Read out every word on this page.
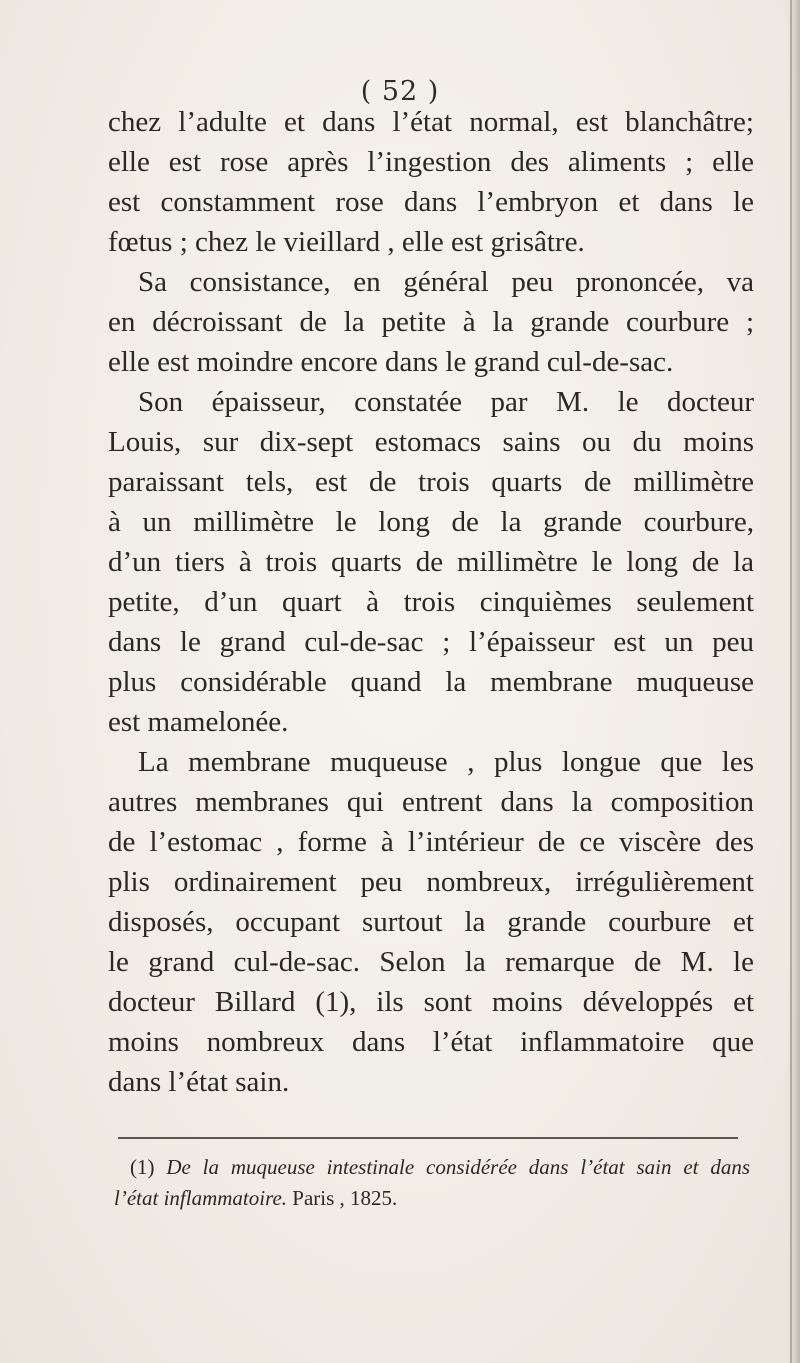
( 52 )
chez l’adulte et dans l’état normal, est blanchâtre;
elle est rose après l’ingestion des aliments ; elle
est constamment rose dans l’embryon et dans le
fœtus ; chez le vieillard , elle est grisâtre.
Sa consistance, en général peu prononcée, va
en décroissant de la petite à la grande courbure ;
elle est moindre encore dans le grand cul-de-sac.
Son épaisseur, constatée par M. le docteur
Louis, sur dix-sept estomacs sains ou du moins
paraissant tels, est de trois quarts de millimètre
à un millimètre le long de la grande courbure,
d’un tiers à trois quarts de millimètre le long de la
petite, d’un quart à trois cinquièmes seulement
dans le grand cul-de-sac ; l’épaisseur est un peu
plus considérable quand la membrane muqueuse
est mamelonée.
La membrane muqueuse , plus longue que les
autres membranes qui entrent dans la composition
de l’estomac , forme à l’intérieur de ce viscère des
plis ordinairement peu nombreux, irrégulièrement
disposés, occupant surtout la grande courbure et
le grand cul-de-sac. Selon la remarque de M. le
docteur Billard (1), ils sont moins développés et
moins nombreux dans l’état inflammatoire que
dans l’état sain.
(1) De la muqueuse intestinale considérée dans l’état sain et dans
l’état inflammatoire. Paris , 1825.
